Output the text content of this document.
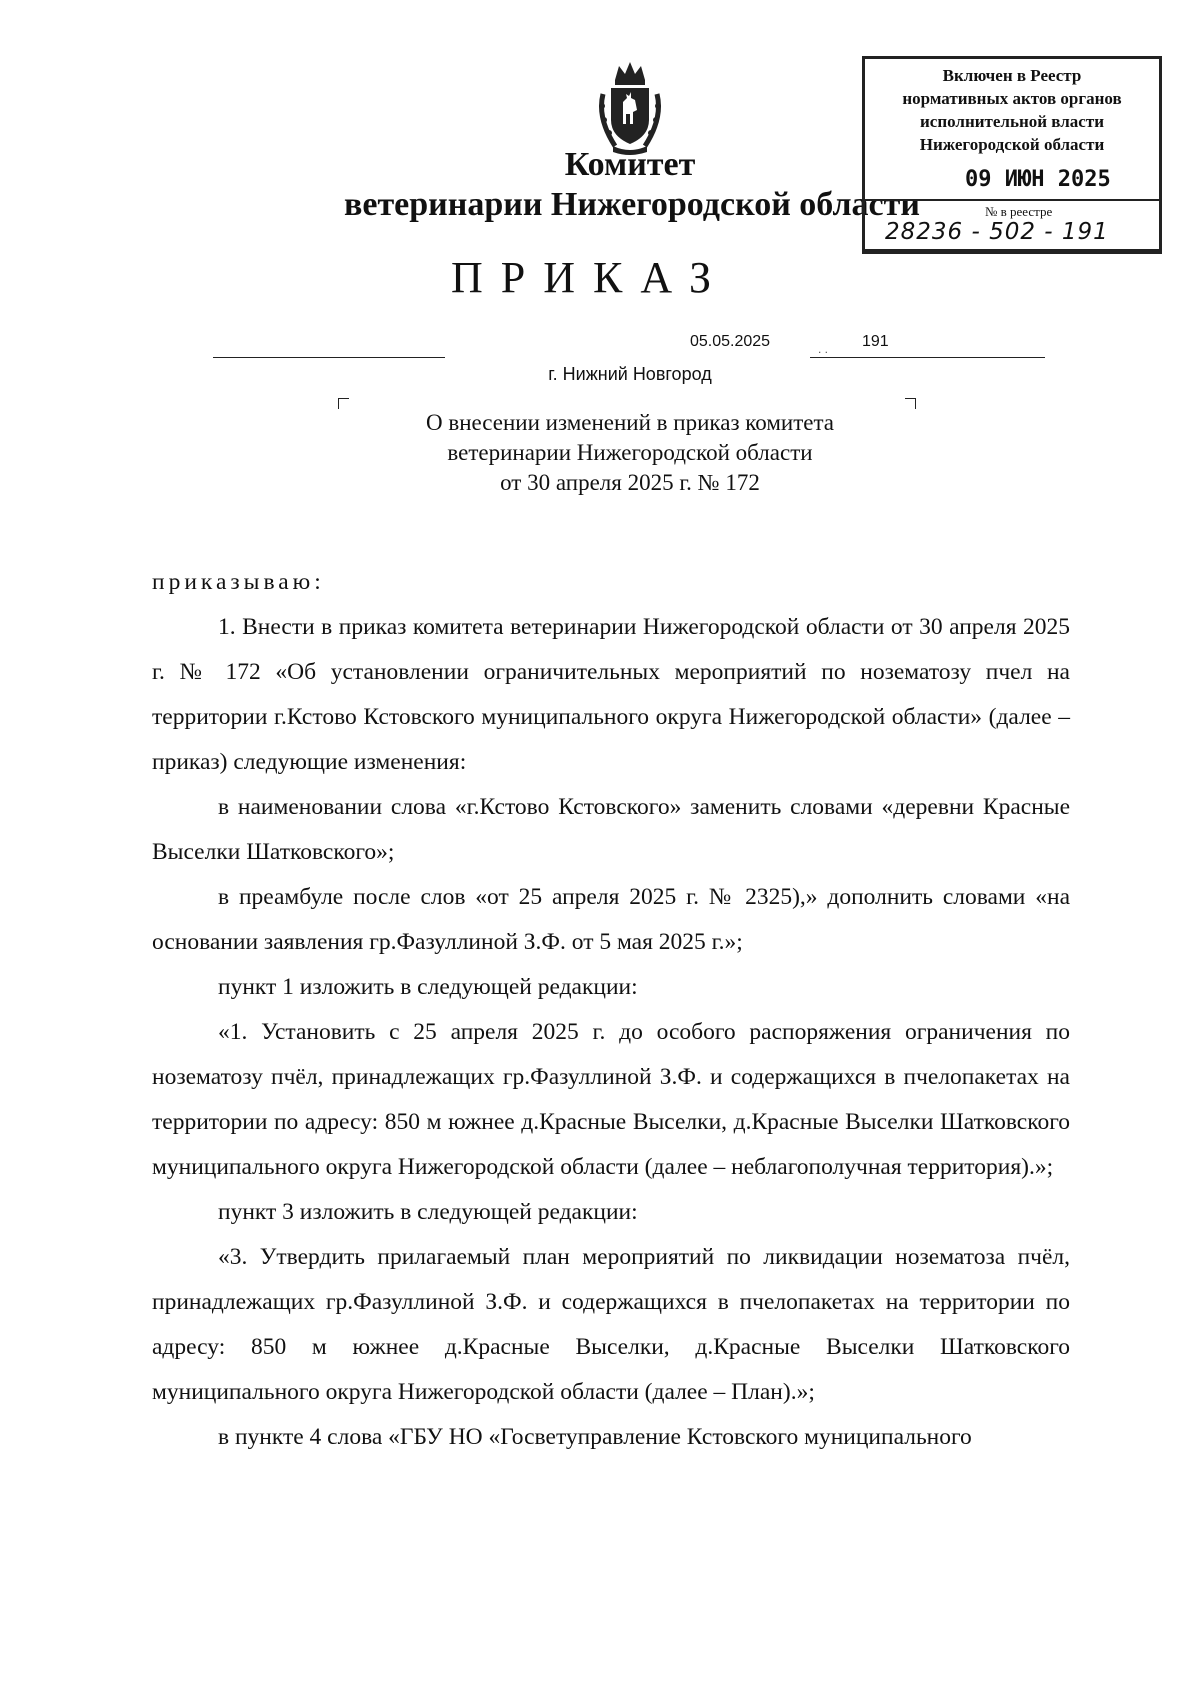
Комитет
ветеринарии Нижегородской области
ПРИКАЗ
Включен в Реестр
нормативных актов органов
исполнительной власти
Нижегородской области
09 ИЮН 2025
№ в реестре
28236 - 502 - 191
05.05.2025	. . 191
г. Нижний Новгород
О внесении изменений в приказ комитета
ветеринарии Нижегородской области
от 30 апреля 2025 г. № 172

приказываю:

1. Внести в приказ комитета ветеринарии Нижегородской области от 30 апреля 2025 г. № 172 «Об установлении ограничительных мероприятий по нозематозу пчел на территории г.Кстово Кстовского муниципального округа Нижегородской области» (далее – приказ) следующие изменения:

в наименовании слова «г.Кстово Кстовского» заменить словами «деревни Красные Выселки Шатковского»;

в преамбуле после слов «от 25 апреля 2025 г. № 2325),» дополнить словами «на основании заявления гр.Фазуллиной З.Ф. от 5 мая 2025 г.»;

пункт 1 изложить в следующей редакции:

«1. Установить с 25 апреля 2025 г. до особого распоряжения ограничения по нозематозу пчёл, принадлежащих гр.Фазуллиной З.Ф. и содержащихся в пчелопакетах на территории по адресу: 850 м южнее д.Красные Выселки, д.Красные Выселки Шатковского муниципального округа Нижегородской области (далее – неблагополучная территория).»;

пункт 3 изложить в следующей редакции:

«3. Утвердить прилагаемый план мероприятий по ликвидации нозематоза пчёл, принадлежащих гр.Фазуллиной З.Ф. и содержащихся в пчелопакетах на территории по адресу: 850 м южнее д.Красные Выселки, д.Красные Выселки Шатковского муниципального округа Нижегородской области (далее – План).»;

в пункте 4 слова «ГБУ НО «Госветуправление Кстовского муниципального
